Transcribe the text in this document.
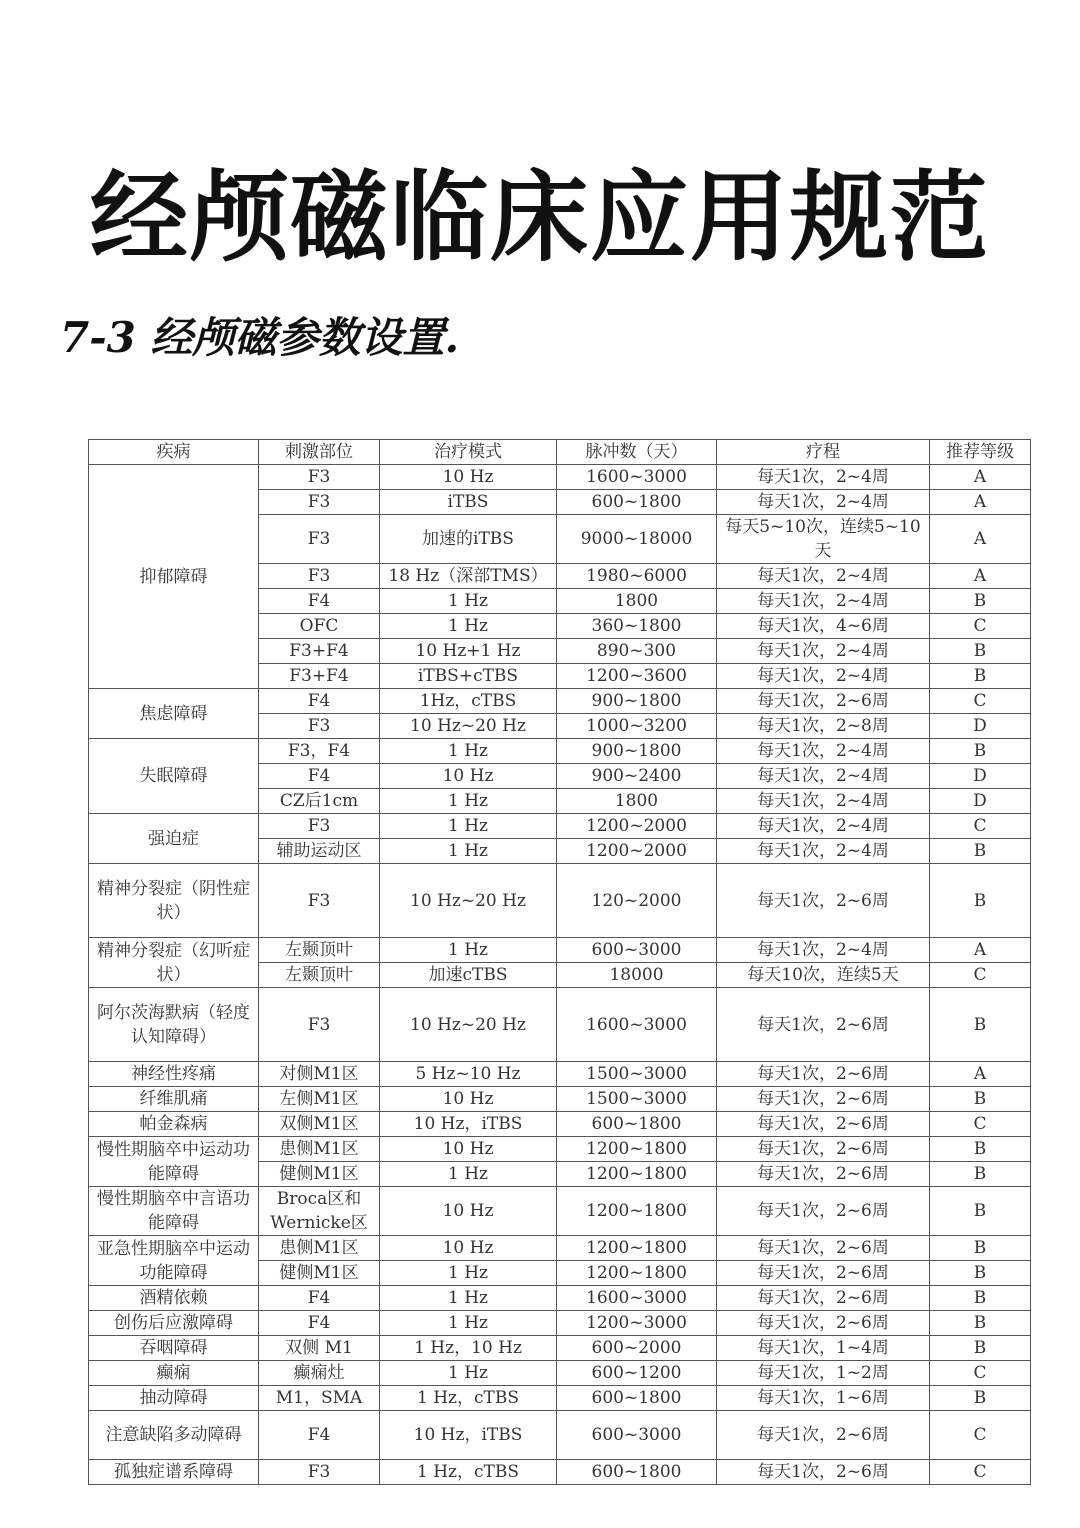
经颅磁临床应用规范
7-3 经颅磁参数设置.
疾病	刺激部位	治疗模式	脉冲数（天）	疗程	推荐等级
抑郁障碍	F3	10 Hz	1600~3000	每天1次，2~4周	A
	F3	iTBS	600~1800	每天1次，2~4周	A
	F3	加速的iTBS	9000~18000	每天5~10次，连续5~10天	A
	F3	18 Hz（深部TMS）	1980~6000	每天1次，2~4周	A
	F4	1 Hz	1800	每天1次，2~4周	B
	OFC	1 Hz	360~1800	每天1次，4~6周	C
	F3+F4	10 Hz+1 Hz	890~300	每天1次，2~4周	B
	F3+F4	iTBS+cTBS	1200~3600	每天1次，2~4周	B
焦虑障碍	F4	1Hz，cTBS	900~1800	每天1次，2~6周	C
	F3	10 Hz~20 Hz	1000~3200	每天1次，2~8周	D
失眠障碍	F3，F4	1 Hz	900~1800	每天1次，2~4周	B
	F4	10 Hz	900~2400	每天1次，2~4周	D
	CZ后1cm	1 Hz	1800	每天1次，2~4周	D
强迫症	F3	1 Hz	1200~2000	每天1次，2~4周	C
	辅助运动区	1 Hz	1200~2000	每天1次，2~4周	B
精神分裂症（阴性症状）	F3	10 Hz~20 Hz	120~2000	每天1次，2~6周	B
精神分裂症（幻听症状）	左颞顶叶	1 Hz	600~3000	每天1次，2~4周	A
	左颞顶叶	加速cTBS	18000	每天10次，连续5天	C
阿尔茨海默病（轻度认知障碍）	F3	10 Hz~20 Hz	1600~3000	每天1次，2~6周	B
神经性疼痛	对侧M1区	5 Hz~10 Hz	1500~3000	每天1次，2~6周	A
纤维肌痛	左侧M1区	10 Hz	1500~3000	每天1次，2~6周	B
帕金森病	双侧M1区	10 Hz，iTBS	600~1800	每天1次，2~6周	C
慢性期脑卒中运动功能障碍	患侧M1区	10 Hz	1200~1800	每天1次，2~6周	B
	健侧M1区	1 Hz	1200~1800	每天1次，2~6周	B
慢性期脑卒中言语功能障碍	Broca区和Wernicke区	10 Hz	1200~1800	每天1次，2~6周	B
亚急性期脑卒中运动功能障碍	患侧M1区	10 Hz	1200~1800	每天1次，2~6周	B
	健侧M1区	1 Hz	1200~1800	每天1次，2~6周	B
酒精依赖	F4	1 Hz	1600~3000	每天1次，2~6周	B
创伤后应激障碍	F4	1 Hz	1200~3000	每天1次，2~6周	B
吞咽障碍	双侧 M1	1 Hz，10 Hz	600~2000	每天1次，1~4周	B
癫痫	癫痫灶	1 Hz	600~1200	每天1次，1~2周	C
抽动障碍	M1，SMA	1 Hz，cTBS	600~1800	每天1次，1~6周	B
注意缺陷多动障碍	F4	10 Hz，iTBS	600~3000	每天1次，2~6周	C
孤独症谱系障碍	F3	1 Hz，cTBS	600~1800	每天1次，2~6周	C
